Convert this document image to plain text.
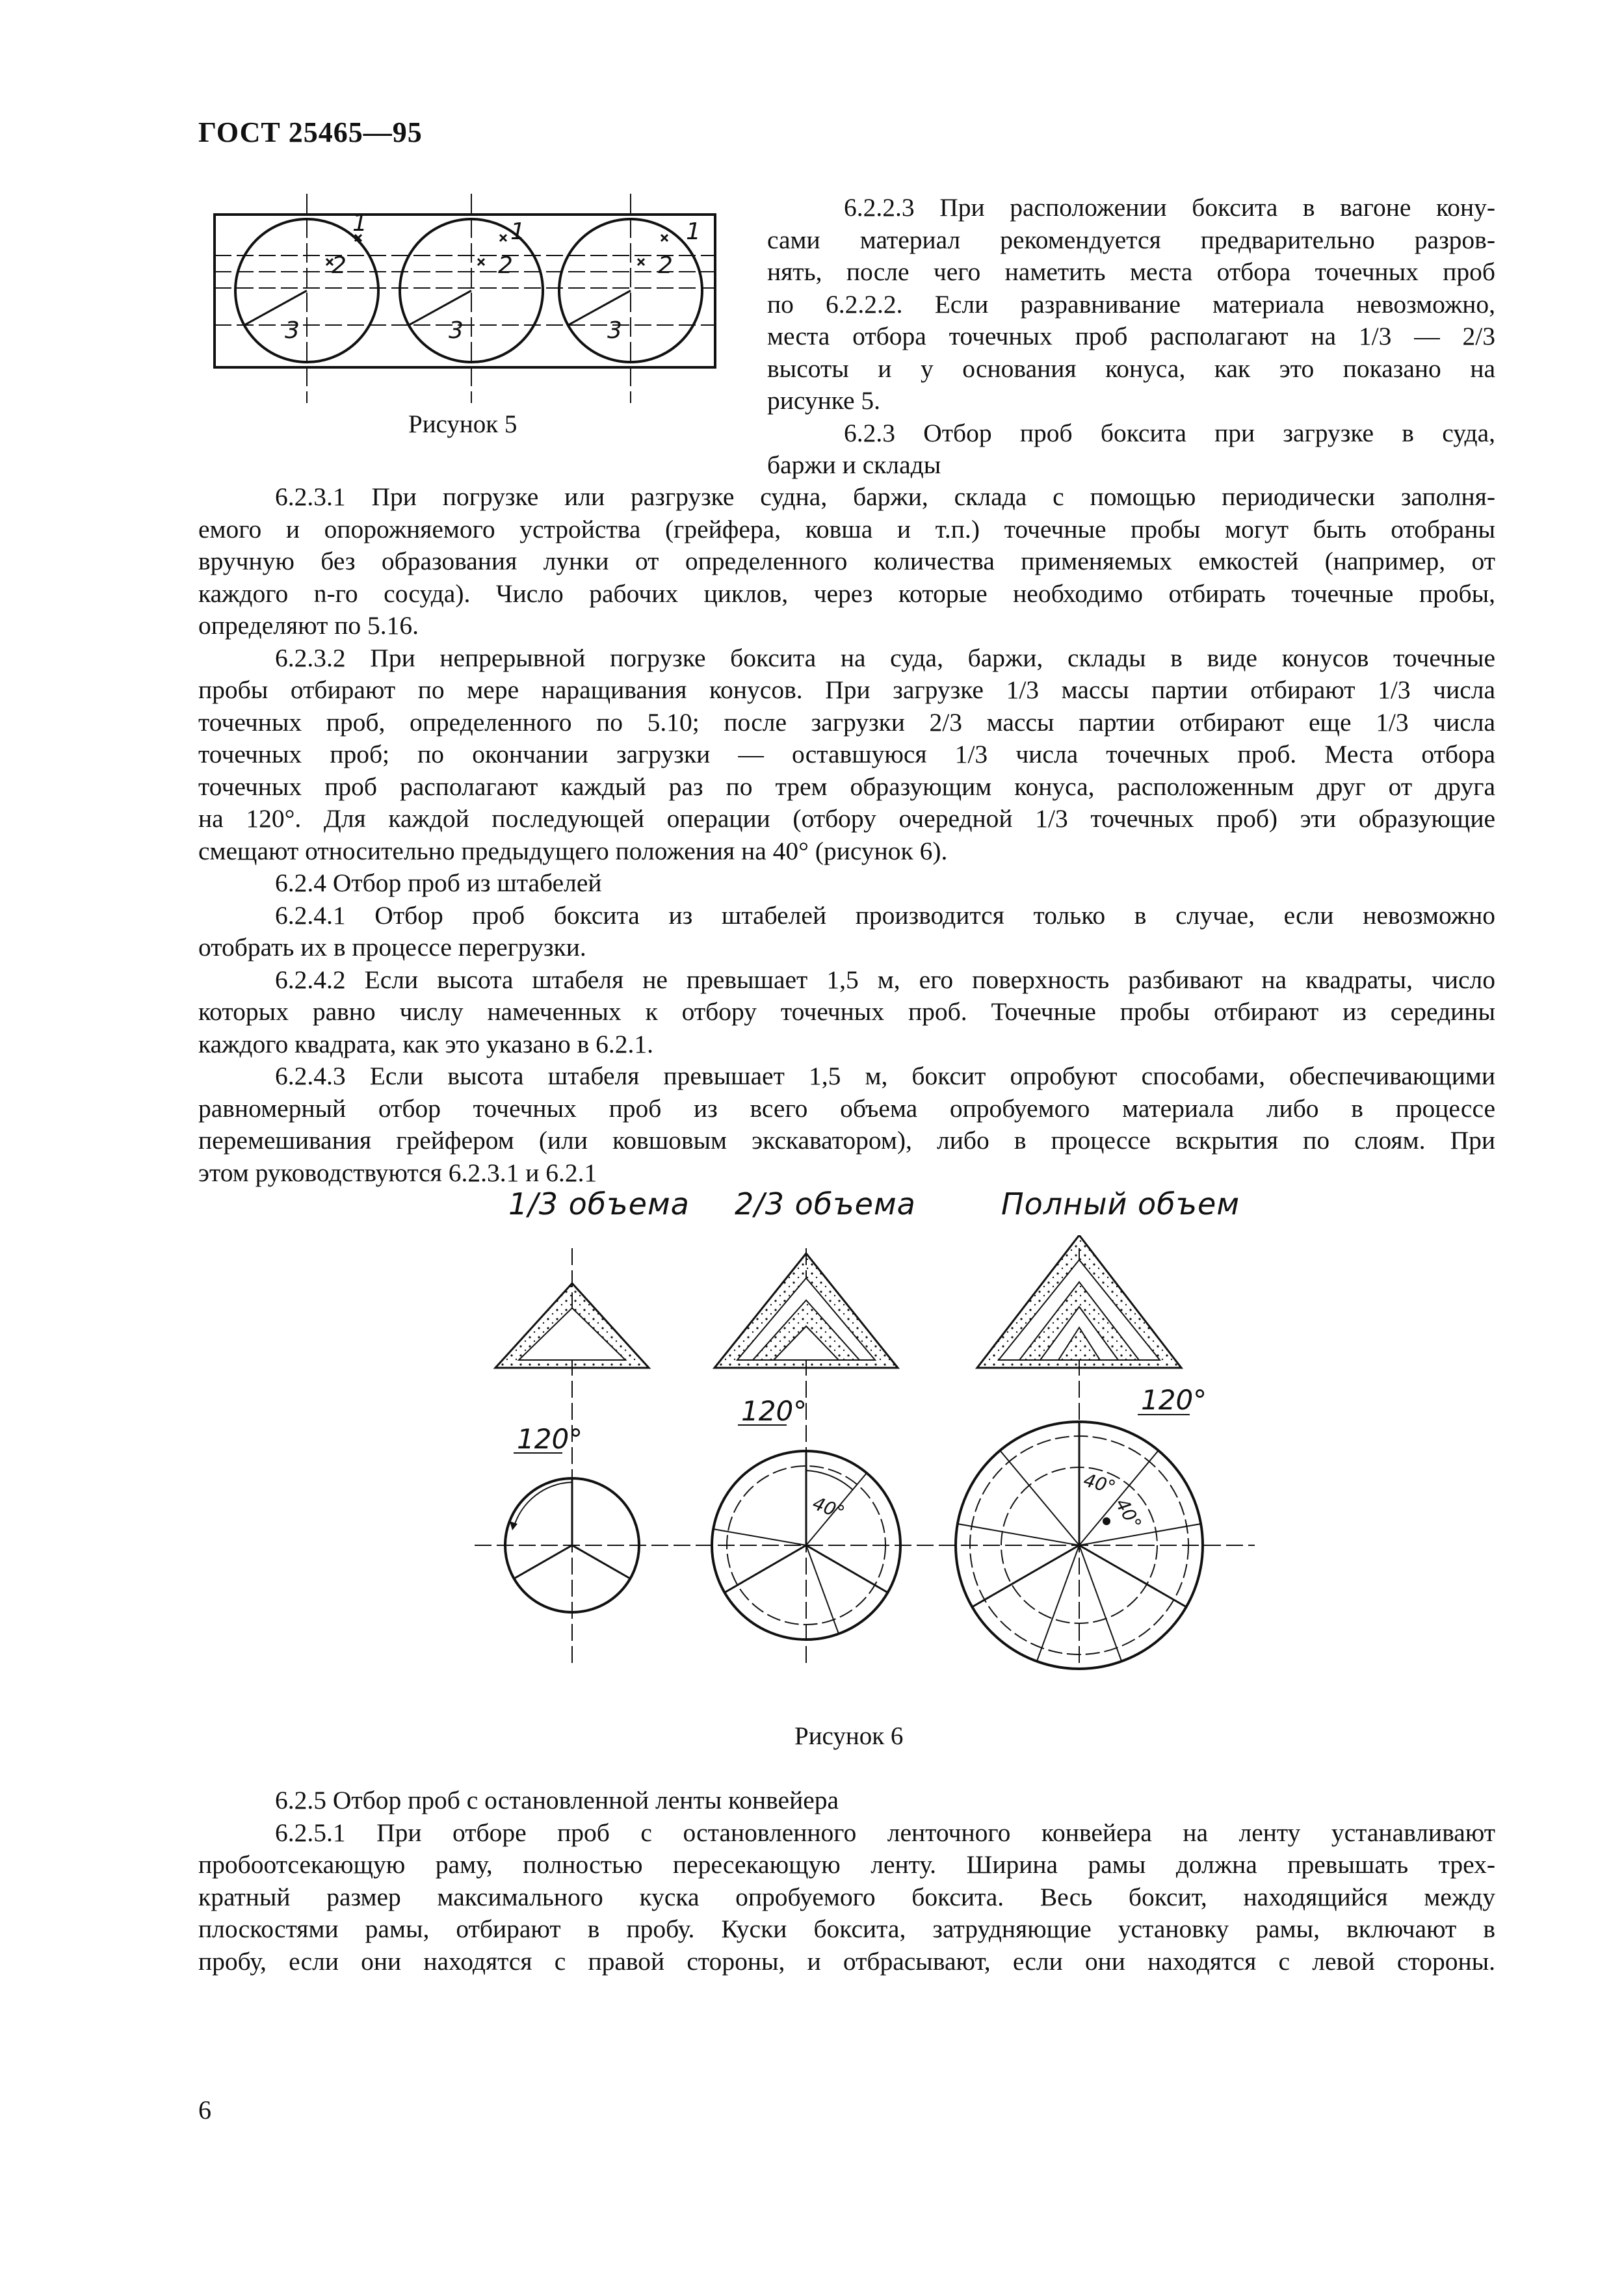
ГОСТ 25465—95
1
2
3
1
2
3
1
2
3
Рисунок 5
6.2.2.3 При расположении боксита в вагоне кону-
сами материал рекомендуется предварительно разров-
нять, после чего наметить места отбора точечных проб
по 6.2.2.2. Если разравнивание материала невозможно,
места отбора точечных проб располагают на 1/3 — 2/3
высоты и у основания конуса, как это показано на
рисунке 5.
6.2.3 Отбор проб боксита при загрузке в суда,
баржи и склады
6.2.3.1 При погрузке или разгрузке судна, баржи, склада с помощью периодически заполня-
емого и опорожняемого устройства (грейфера, ковша и т.п.) точечные пробы могут быть отобраны
вручную без образования лунки от определенного количества применяемых емкостей (например, от
каждого n-го сосуда). Число рабочих циклов, через которые необходимо отбирать точечные пробы,
определяют по 5.16.
6.2.3.2 При непрерывной погрузке боксита на суда, баржи, склады в виде конусов точечные
пробы отбирают по мере наращивания конусов. При загрузке 1/3 массы партии отбирают 1/3 числа
точечных проб, определенного по 5.10; после загрузки 2/3 массы партии отбирают еще 1/3 числа
точечных проб; по окончании загрузки — оставшуюся 1/3 числа точечных проб. Места отбора
точечных проб располагают каждый раз по трем образующим конуса, расположенным друг от друга
на 120°. Для каждой последующей операции (отбору очередной 1/3 точечных проб) эти образующие
смещают относительно предыдущего положения на 40° (рисунок 6).
6.2.4 Отбор проб из штабелей
6.2.4.1 Отбор проб боксита из штабелей производится только в случае, если невозможно
отобрать их в процессе перегрузки.
6.2.4.2 Если высота штабеля не превышает 1,5 м, его поверхность разбивают на квадраты, число
которых равно числу намеченных к отбору точечных проб. Точечные пробы отбирают из середины
каждого квадрата, как это указано в 6.2.1.
6.2.4.3 Если высота штабеля превышает 1,5 м, боксит опробуют способами, обеспечивающими
равномерный отбор точечных проб из всего объема опробуемого материала либо в процессе
перемешивания грейфером (или ковшовым экскаватором), либо в процессе вскрытия по слоям. При
этом руководствуются 6.2.3.1 и 6.2.1
1/3 объема 2/3 объема	Полный объем
120°
120°	120°
40°
40°
40°
Рисунок 6
6.2.5 Отбор проб с остановленной ленты конвейера
6.2.5.1 При отборе проб с остановленного ленточного конвейера на ленту устанавливают
пробоотсекающую раму, полностью пересекающую ленту. Ширина рамы должна превышать трех-
кратный размер максимального куска опробуемого боксита. Весь боксит, находящийся между
плоскостями рамы, отбирают в пробу. Куски боксита, затрудняющие установку рамы, включают в
пробу, если они находятся с правой стороны, и отбрасывают, если они находятся с левой стороны.
6
